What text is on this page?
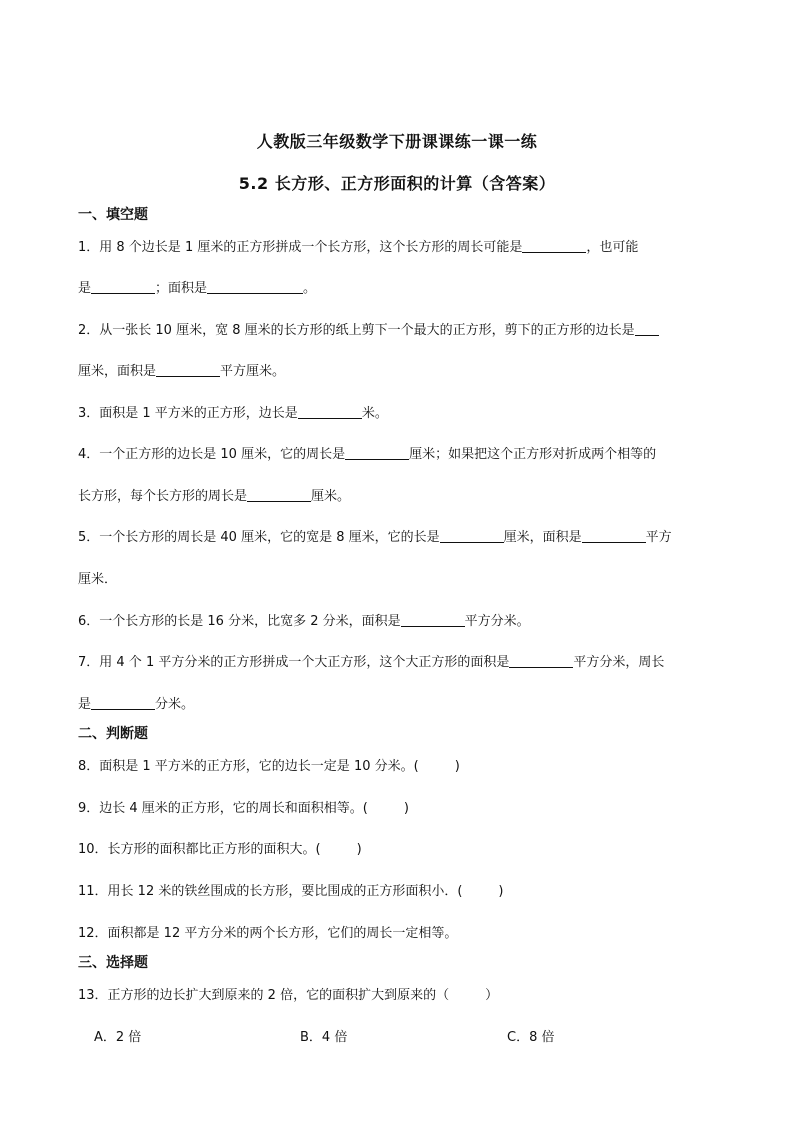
人教版三年级数学下册课课练一课一练
5.2 长方形、正方形面积的计算（含答案）
一、填空题
1．用 8 个边长是 1 厘米的正方形拼成一个长方形，这个长方形的周长可能是	，也可能
是	；面积是	。
2．从一张长 10 厘米，宽 8 厘米的长方形的纸上剪下一个最大的正方形，剪下的正方形的边长是
厘米，面积是	平方厘米。
3．面积是 1 平方米的正方形，边长是	米。
4．一个正方形的边长是 10 厘米，它的周长是	厘米；如果把这个正方形对折成两个相等的
长方形，每个长方形的周长是	厘米。
5．一个长方形的周长是 40 厘米，它的宽是 8 厘米，它的长是	厘米，面积是	平方
厘米．
6．一个长方形的长是 16 分米，比宽多 2 分米，面积是	平方分米。
7．用 4 个 1 平方分米的正方形拼成一个大正方形，这个大正方形的面积是	平方分米，周长
是	分米。
二、判断题
8．面积是 1 平方米的正方形，它的边长一定是 10 分米。(	)
9．边长 4 厘米的正方形，它的周长和面积相等。(	)
10．长方形的面积都比正方形的面积大。(	)
11．用长 12 米的铁丝围成的长方形，要比围成的正方形面积小．(	)
12．面积都是 12 平方分米的两个长方形，它们的周长一定相等。
三、选择题
13．正方形的边长扩大到原来的 2 倍，它的面积扩大到原来的（	）
A．2 倍	B．4 倍	C．8 倍
